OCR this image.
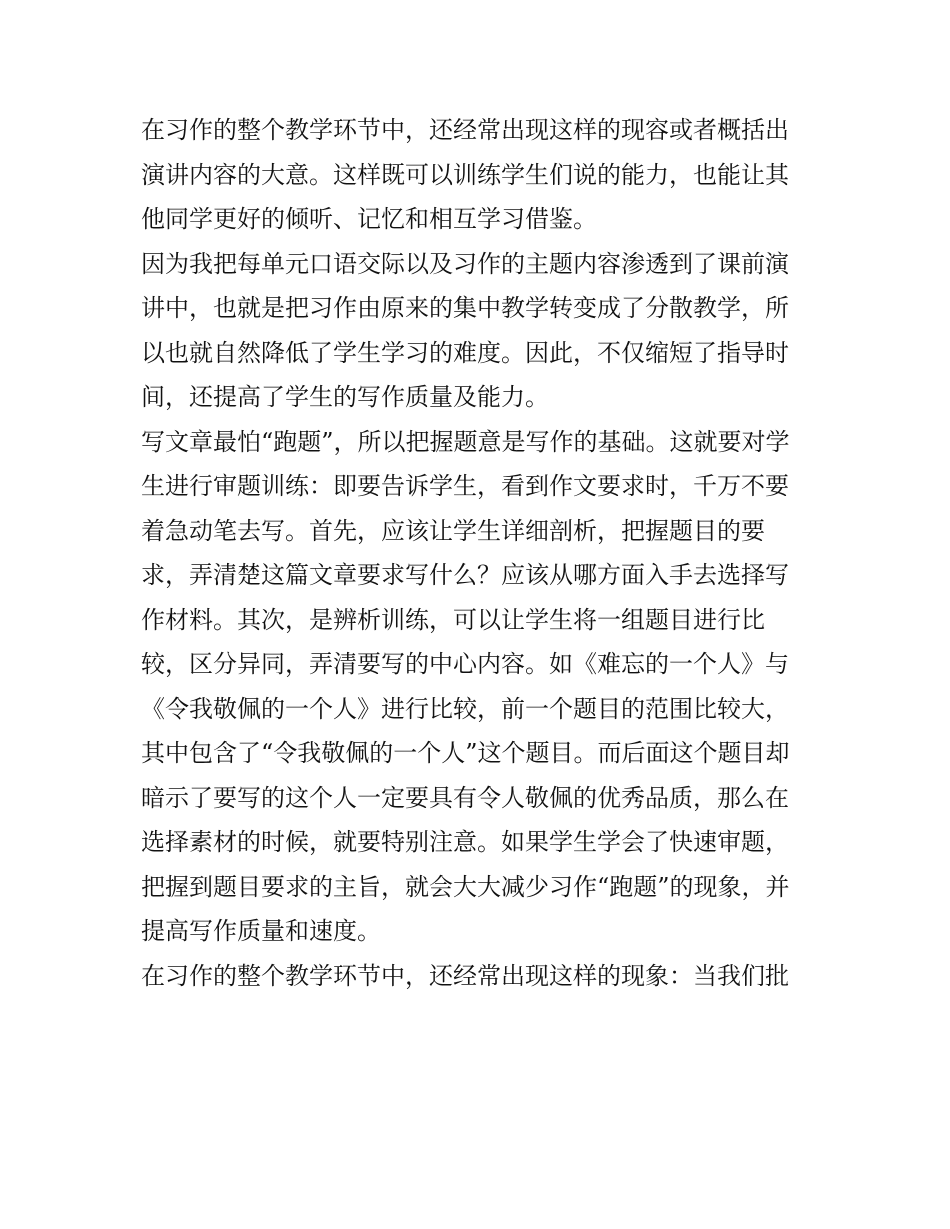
在习作的整个教学环节中，还经常出现这样的现容或者概括出
演讲内容的大意。这样既可以训练学生们说的能力，也能让其
他同学更好的倾听、记忆和相互学习借鉴。
因为我把每单元口语交际以及习作的主题内容渗透到了课前演
讲中，也就是把习作由原来的集中教学转变成了分散教学，所
以也就自然降低了学生学习的难度。因此，不仅缩短了指导时
间，还提高了学生的写作质量及能力。
写文章最怕“跑题”，所以把握题意是写作的基础。这就要对学
生进行审题训练：即要告诉学生，看到作文要求时，千万不要
着急动笔去写。首先，应该让学生详细剖析，把握题目的要
求，弄清楚这篇文章要求写什么？应该从哪方面入手去选择写
作材料。其次，是辨析训练，可以让学生将一组题目进行比
较，区分异同，弄清要写的中心内容。如《难忘的一个人》与
《令我敬佩的一个人》进行比较，前一个题目的范围比较大，
其中包含了“令我敬佩的一个人”这个题目。而后面这个题目却
暗示了要写的这个人一定要具有令人敬佩的优秀品质，那么在
选择素材的时候，就要特别注意。如果学生学会了快速审题，
把握到题目要求的主旨，就会大大减少习作“跑题”的现象，并
提高写作质量和速度。
在习作的整个教学环节中，还经常出现这样的现象：当我们批
